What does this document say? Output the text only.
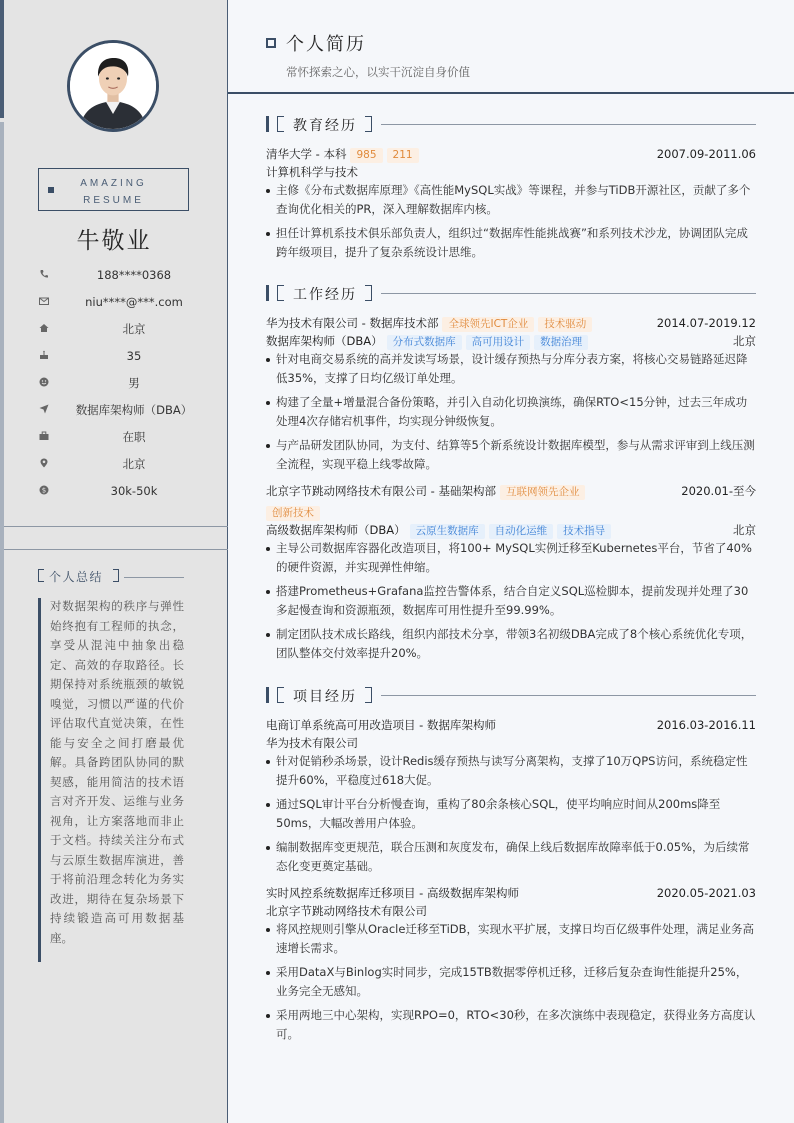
AMAZING
RESUME
牛敬业
188****0368
niu****@***.com
北京
35
男
数据库架构师（DBA）
在职
北京
$	30k-50k
个人总结
对数据架构的秩序与弹性始终抱有工程师的执念，享受从混沌中抽象出稳定、高效的存取路径。长期保持对系统瓶颈的敏锐嗅觉，习惯以严谨的代价评估取代直觉决策，在性能与安全之间打磨最优解。具备跨团队协同的默契感，能用简洁的技术语言对齐开发、运维与业务视角，让方案落地而非止于文档。持续关注分布式与云原生数据库演进，善于将前沿理念转化为务实改进，期待在复杂场景下持续锻造高可用数据基座。
个人简历
常怀探索之心，以实干沉淀自身价值
教育经历
清华大学 - 本科 985 211	2007.09-2011.06
计算机科学与技术
主修《分布式数据库原理》《高性能MySQL实战》等课程，并参与TiDB开源社区，贡献了多个查询优化相关的PR，深入理解数据库内核。
担任计算机系技术俱乐部负责人，组织过“数据库性能挑战赛”和系列技术沙龙，协调团队完成跨年级项目，提升了复杂系统设计思维。
工作经历
华为技术有限公司 - 数据库技术部 全球领先ICT企业 技术驱动	2014.07-2019.12
数据库架构师（DBA） 分布式数据库 高可用设计 数据治理	北京
针对电商交易系统的高并发读写场景，设计缓存预热与分库分表方案，将核心交易链路延迟降低35%，支撑了日均亿级订单处理。
构建了全量+增量混合备份策略，并引入自动化切换演练，确保RTO<15分钟，过去三年成功处理4次存储宕机事件，均实现分钟级恢复。
与产品研发团队协同，为支付、结算等5个新系统设计数据库模型，参与从需求评审到上线压测全流程，实现平稳上线零故障。
北京字节跳动网络技术有限公司 - 基础架构部 互联网领先企业	2020.01-至今
创新技术
高级数据库架构师（DBA） 云原生数据库 自动化运维 技术指导	北京
主导公司数据库容器化改造项目，将100+ MySQL实例迁移至Kubernetes平台，节省了40%的硬件资源，并实现弹性伸缩。
搭建Prometheus+Grafana监控告警体系，结合自定义SQL巡检脚本，提前发现并处理了30多起慢查询和资源瓶颈，数据库可用性提升至99.99%。
制定团队技术成长路线，组织内部技术分享，带领3名初级DBA完成了8个核心系统优化专项，团队整体交付效率提升20%。
项目经历
电商订单系统高可用改造项目 - 数据库架构师	2016.03-2016.11
华为技术有限公司
针对促销秒杀场景，设计Redis缓存预热与读写分离架构，支撑了10万QPS访问，系统稳定性提升60%，平稳度过618大促。
通过SQL审计平台分析慢查询，重构了80余条核心SQL，使平均响应时间从200ms降至50ms，大幅改善用户体验。
编制数据库变更规范，联合压测和灰度发布，确保上线后数据库故障率低于0.05%，为后续常态化变更奠定基础。
实时风控系统数据库迁移项目 - 高级数据库架构师	2020.05-2021.03
北京字节跳动网络技术有限公司
将风控规则引擎从Oracle迁移至TiDB，实现水平扩展，支撑日均百亿级事件处理，满足业务高速增长需求。
采用DataX与Binlog实时同步，完成15TB数据零停机迁移，迁移后复杂查询性能提升25%，业务完全无感知。
采用两地三中心架构，实现RPO=0，RTO<30秒，在多次演练中表现稳定，获得业务方高度认可。
